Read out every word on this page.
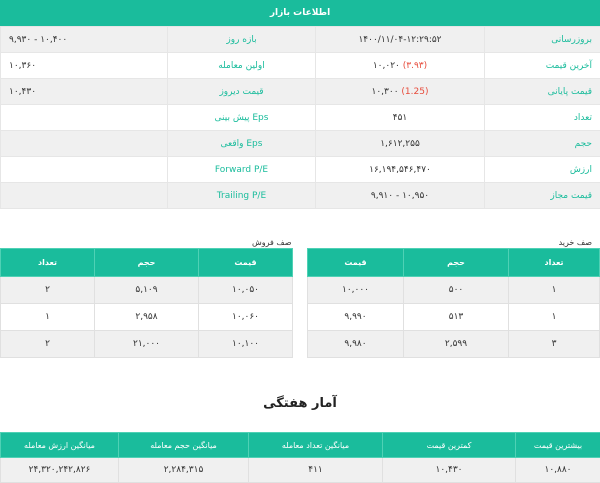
اطلاعات بازار
بروزرسانی	۱۴۰۰/۱۱/۰۴-۱۲:۲۹:۵۲	بازه روز	۱۰,۴۰۰ - ۹,۹۳۰
آخرین قیمت	(۳.۹۳) ۱۰,۰۲۰	اولین معامله	۱۰,۳۶۰
قیمت پایانی	(1.25) ۱۰,۳۰۰	قیمت دیروز	۱۰,۴۳۰
تعداد	۴۵۱	Eps پیش بینی	
حجم	۱,۶۱۲,۲۵۵	Eps واقعی	
ارزش	۱۶,۱۹۴,۵۴۶,۴۷۰	Forward P/E	
قیمت مجاز	۱۰,۹۵۰ - ۹,۹۱۰	Trailing P/E	
صف خرید
تعداد	حجم	قیمت
۱	۵۰۰	۱۰,۰۰۰
۱	۵۱۳	۹,۹۹۰
۳	۲,۵۹۹	۹,۹۸۰
صف فروش
قیمت	حجم	تعداد
۱۰,۰۵۰	۵,۱۰۹	۲
۱۰,۰۶۰	۲,۹۵۸	۱
۱۰,۱۰۰	۲۱,۰۰۰	۲
آمار هفتگی
بیشترین قیمت	کمترین قیمت	میانگین تعداد معامله	میانگین حجم معامله	میانگین ارزش معامله
۱۰,۸۸۰	۱۰,۴۳۰	۴۱۱	۲,۲۸۴,۳۱۵	۲۴,۳۲۰,۲۴۲,۸۲۶
